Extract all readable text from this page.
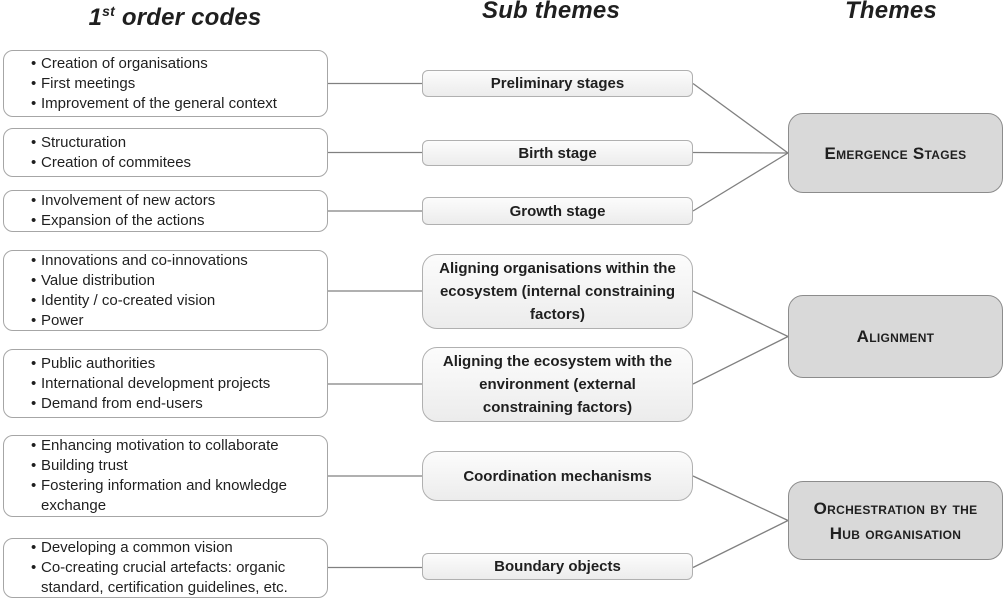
1st order codes	Sub themes	Themes
• Creation of organisations
• First meetings
• Improvement of the general context
• Structuration
• Creation of commitees
• Involvement of new actors
• Expansion of the actions
• Innovations and co-innovations
• Value distribution
• Identity / co-created vision
• Power
• Public authorities
• International development projects
• Demand from end-users
• Enhancing motivation to collaborate
• Building trust
• Fostering information and knowledge exchange
• Developing a common vision
• Co-creating crucial artefacts: organic standard, certification guidelines, etc.
Preliminary stages
Birth stage
Growth stage
Aligning organisations within the ecosystem (internal constraining factors)
Aligning the ecosystem with the environment (external constraining factors)
Coordination mechanisms
Boundary objects
Emergence Stages
Alignment
Orchestration by the Hub organisation
